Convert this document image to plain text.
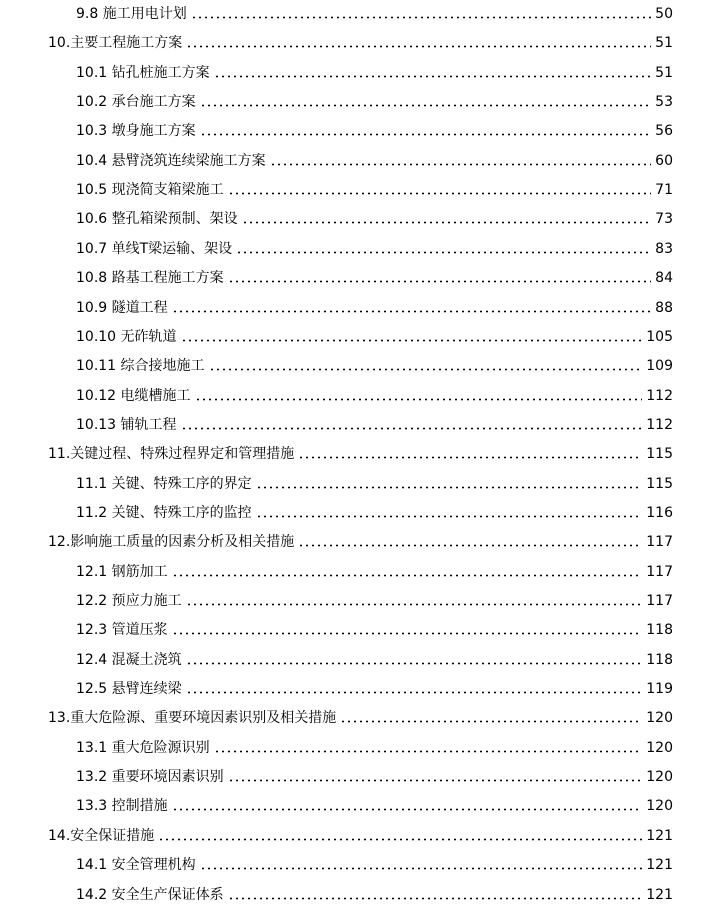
9.8 施工用电计划	50
10.主要工程施工方案	51
10.1 钻孔桩施工方案	51
10.2 承台施工方案	53
10.3 墩身施工方案	56
10.4 悬臂浇筑连续梁施工方案	60
10.5 现浇简支箱梁施工	71
10.6 整孔箱梁预制、架设	73
10.7 单线T梁运输、架设	83
10.8 路基工程施工方案	84
10.9 隧道工程	88
10.10 无砟轨道	105
10.11 综合接地施工	109
10.12 电缆槽施工	112
10.13 铺轨工程	112
11.关键过程、特殊过程界定和管理措施	115
11.1 关键、特殊工序的界定	115
11.2 关键、特殊工序的监控	116
12.影响施工质量的因素分析及相关措施	117
12.1 钢筋加工	117
12.2 预应力施工	117
12.3 管道压浆	118
12.4 混凝土浇筑	118
12.5 悬臂连续梁	119
13.重大危险源、重要环境因素识别及相关措施	120
13.1 重大危险源识别	120
13.2 重要环境因素识别	120
13.3 控制措施	120
14.安全保证措施	121
14.1 安全管理机构	121
14.2 安全生产保证体系	121
